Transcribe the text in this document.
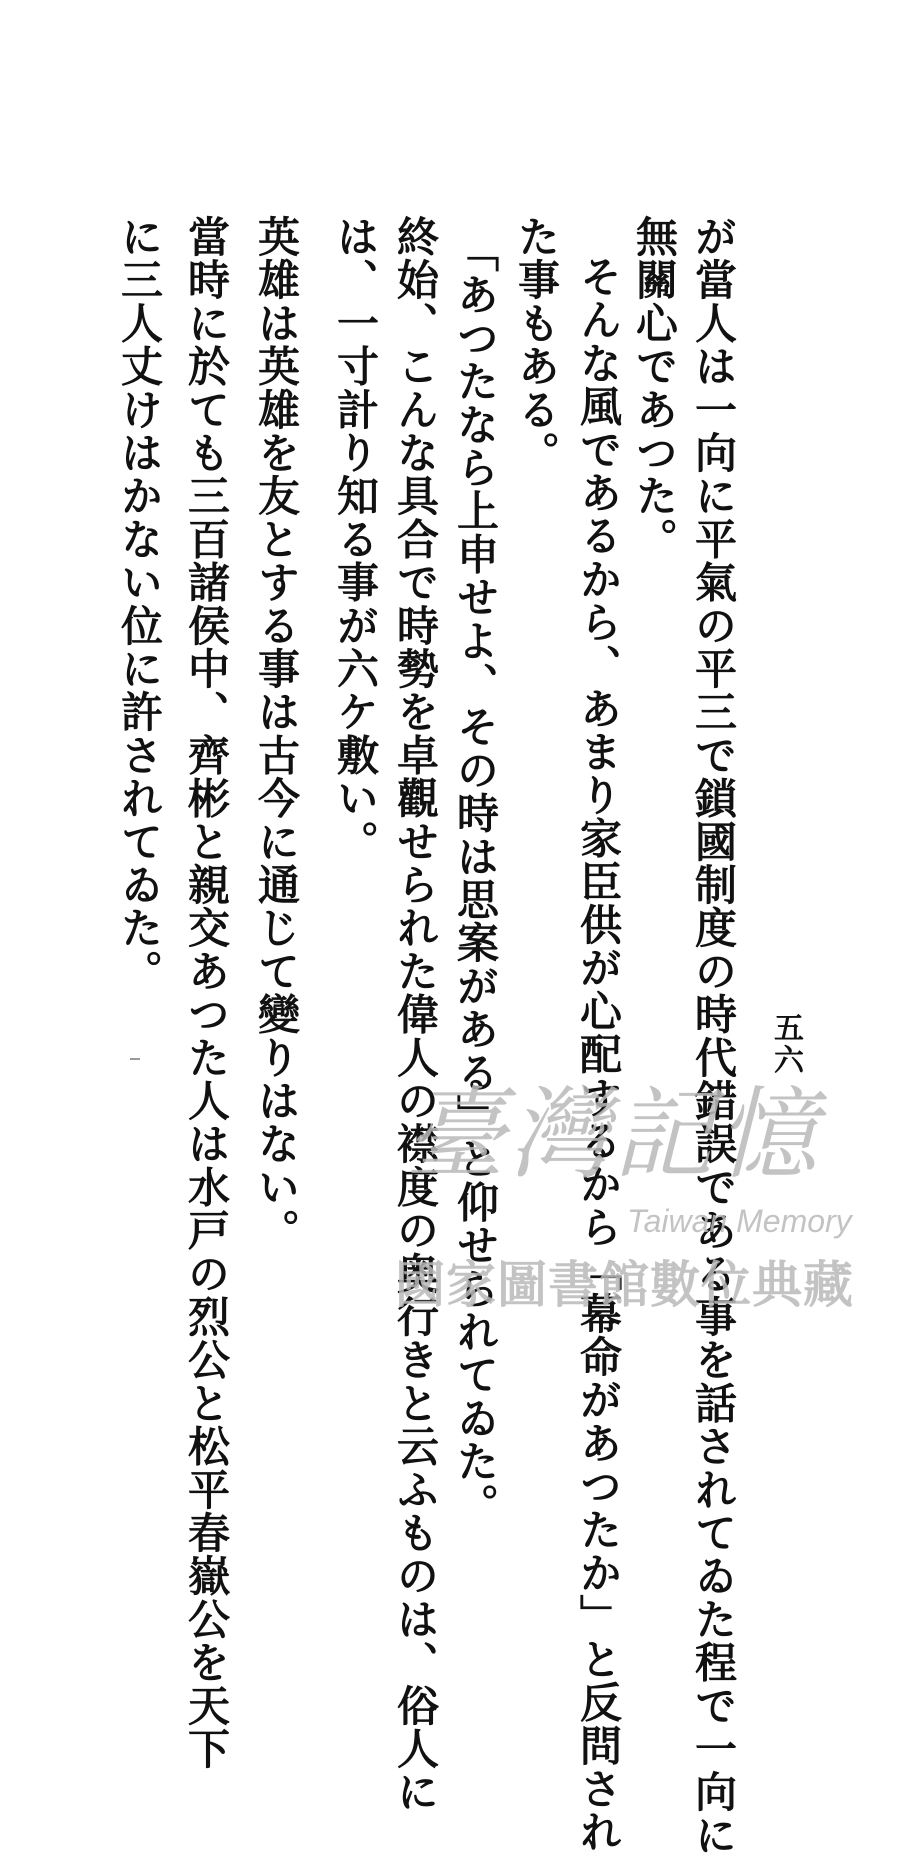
五六
が當人は一向に平氣の平三で鎖國制度の時代錯誤である事を話されてゐた程で一向に
無關心であつた。
そんな風であるから、あまり家臣供が心配するから「幕命があつたか」と反問され
た事もある。
「あつたなら上申せよ、その時は思案がある」と仰せられてゐた。
終始、こんな具合で時勢を卓觀せられた偉人の襟度の奥行きと云ふものは、俗人に
は、一寸計り知る事が六ケ敷い。
英雄は英雄を友とする事は古今に通じて變りはない。
當時に於ても三百諸侯中、齊彬と親交あつた人は水戸の烈公と松平春嶽公を天下
に三人丈けはかない位に許されてゐた。
臺灣記憶
Taiwan Memory
國家圖書館數位典藏
